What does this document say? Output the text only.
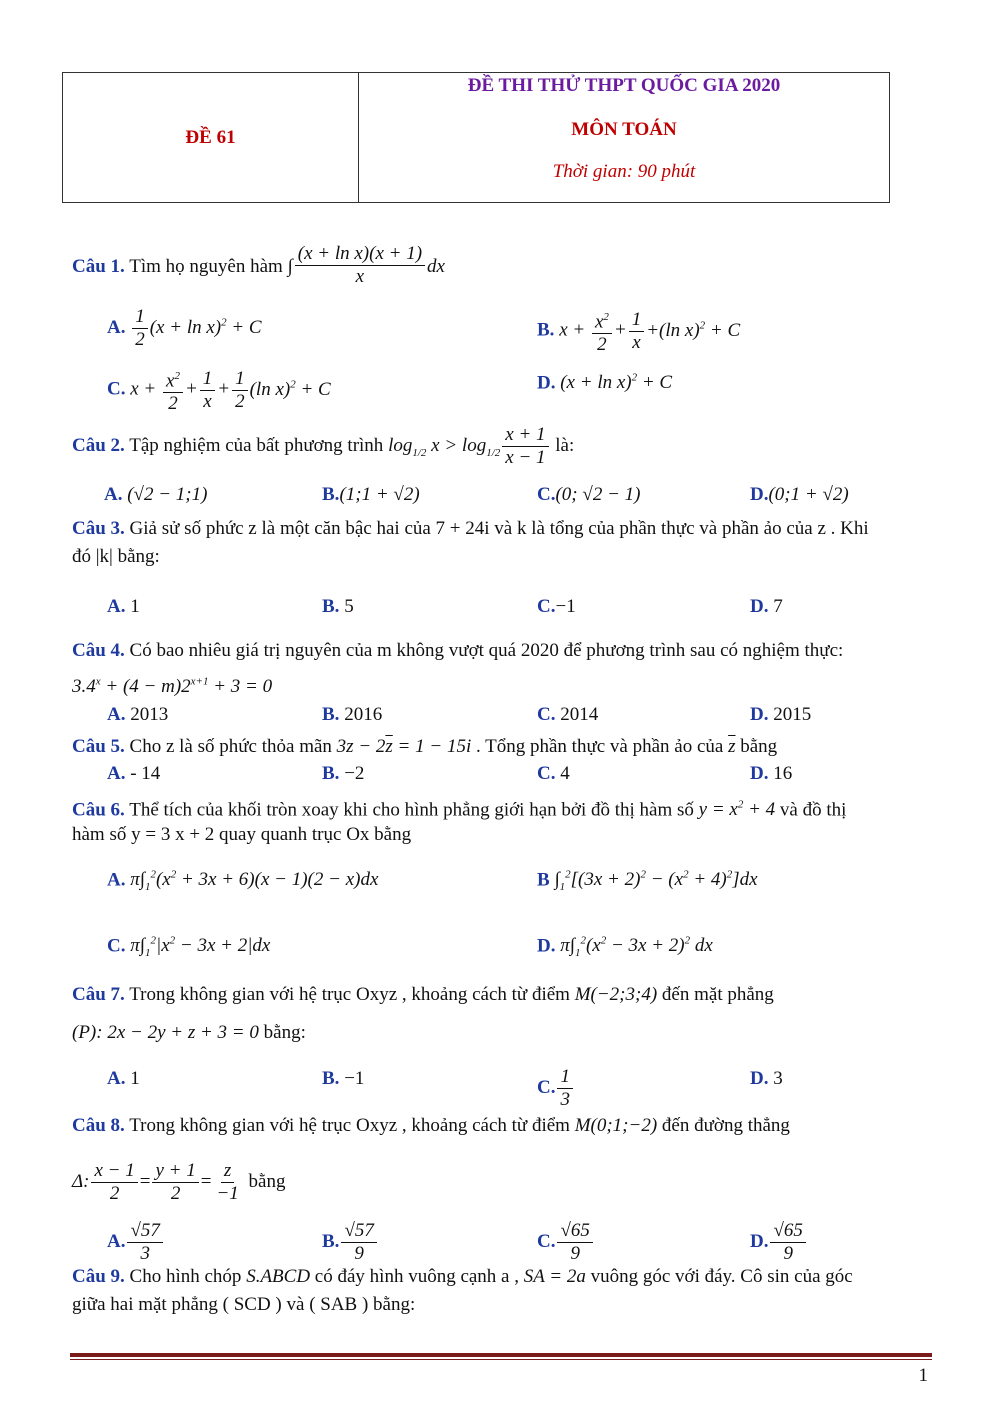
ĐỀ 61
ĐỀ THI THỬ THPT QUỐC GIA 2020
MÔN TOÁN
Thời gian: 90 phút
Câu 1. Tìm họ nguyên hàm ∫ $\frac{\text{(x + ln x)(x + 1)}}{x}$ dx
A. $\frac{1}{2} (x + \ln x)^2 + C$	B. $x + \frac{x^2}{2} + \frac{1}{x} +(\ln$ x)$^2$ + C
C. $x + \frac{x^2}{2} + \frac{1}{x} + \frac{1}{2} (\ln$ x)$^2$ + C	D. $(x + \ln x)^2 + C$
Câu 2. Tập nghiệm của bất phương trình $\log_{1/2} x > \log_{1/2} \frac{x + 1}{x - 1}$ là:
A. (√2 − 1;1)	B.(1;1 + √2)	C.(0; √2 − 1)	D.(0;1 + √2)
Câu 3. Giả sử số phức z là một căn bậc hai của 7 + 24i và k là tổng của phần thực và phần ảo của z . Khi
đó |k| bằng:
A. 1	B. 5	C.−1	D. 7
Câu 4. Có bao nhiêu giá trị nguyên của m không vượt quá 2020 để phương trình sau có nghiệm thực:
$3.4^x + (4 - m)2^{x+1} + 3 = 0$
A. 2013	B. 2016	C. 2014	D. 2015
Câu 5. Cho z là số phức thỏa mãn $3z - 2\overline{z} = 1 - 15i$ . Tổng phần thực và phần ảo của $\overline{z}$ bằng
A. - 14	B. −2	C. 4	D. 16
Câu 6. Thể tích của khối tròn xoay khi cho hình phẳng giới hạn bởi đồ thị hàm số $y = x^2 + 4$ và đồ thị
hàm số y = 3 x + 2 quay quanh trục Ox bằng
A. $\pi\int_1^2(x^2 + 3x + 6)(x - 1)(2 - x)dx$	B $\int_1^2[(3x + 2)^2 - (x^2 + 4)^2]dx$
C. $\pi\int_1^2|x^2 - 3x + 2|dx$	D. $\pi\int_1^2(x^2 - 3x + 2)^2$ dx
Câu 7. Trong không gian với hệ trục Oxyz , khoảng cách từ điểm M(−2;3;4) đến mặt phẳng
(P): 2x − 2y + z + 3 = 0 bằng:
A. 1	B. −1	C. $\frac{1}{3}$	D. 3
Câu 8. Trong không gian với hệ trục Oxyz , khoảng cách từ điểm M(0;1;−2) đến đường thẳng
Δ: $\frac{x - 1}{2} = \frac{y + 1}{2} = \frac{z}{-1}$ bằng
A. $\frac{√57}{3}$	B. $\frac{√57}{9}$	C. $\frac{√65}{9}$	D. $\frac{√65}{9}$
Câu 9. Cho hình chóp S.ABCD có đáy hình vuông cạnh a , SA = 2a vuông góc với đáy. Cô sin của góc
giữa hai mặt phẳng ( SCD ) và ( SAB ) bằng:
1
